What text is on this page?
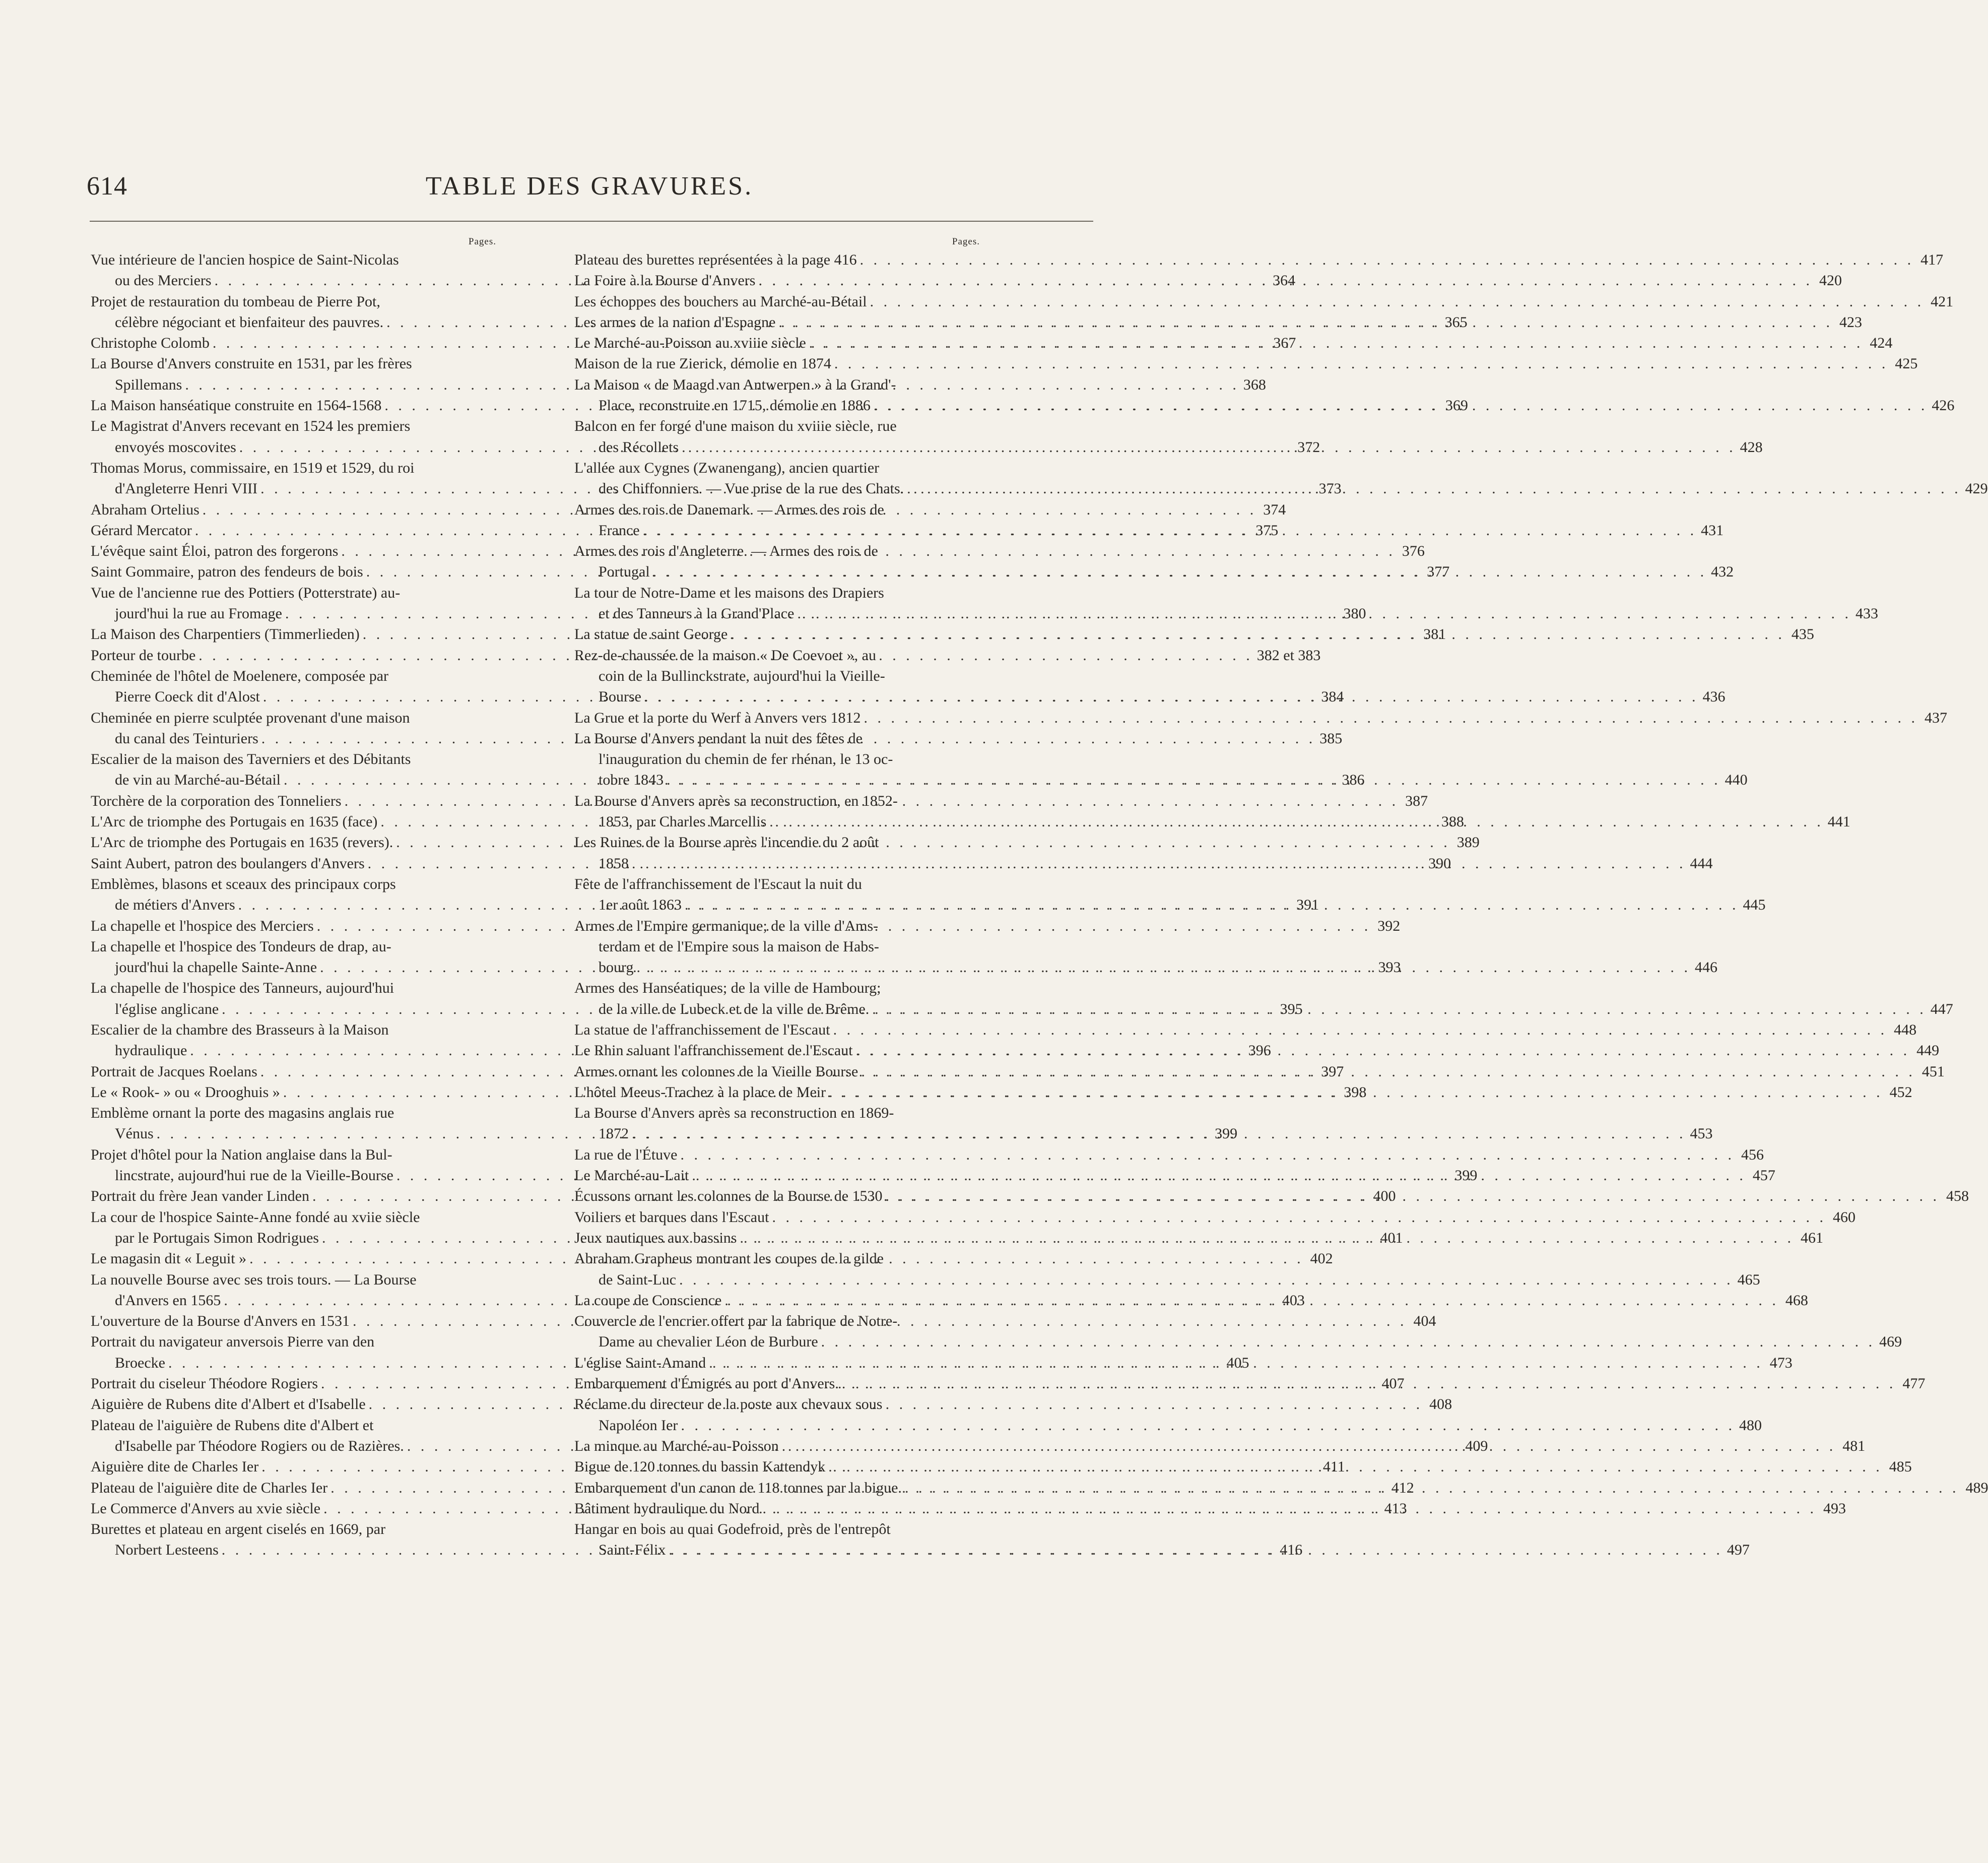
614	TABLE DES GRAVURES.
Pages.
Vue intérieure de l'ancien hospice de Saint-Nicolas
ou des Merciers . . .	364
Projet de restauration du tombeau de Pierre Pot,
célèbre négociant et bienfaiteur des pauvres. . . .	365
Christophe Colomb . . .	367
La Bourse d'Anvers construite en 1531, par les frères
Spillemans . . .	368
La Maison hanséatique construite en 1564-1568 . . .	369
Le Magistrat d'Anvers recevant en 1524 les premiers
envoyés moscovites . . .	372
Thomas Morus, commissaire, en 1519 et 1529, du roi
d'Angleterre Henri VIII . . .	373
Abraham Ortelius . . .	374
Gérard Mercator . . .	375
L'évêque saint Éloi, patron des forgerons . . .	376
Saint Gommaire, patron des fendeurs de bois . . .	377
Vue de l'ancienne rue des Pottiers (Potterstrate) au-
jourd'hui la rue au Fromage . . .	380
La Maison des Charpentiers (Timmerlieden) . . .	381
Porteur de tourbe . . .	382 et 383
Cheminée de l'hôtel de Moelenere, composée par
Pierre Coeck dit d'Alost . . .	384
Cheminée en pierre sculptée provenant d'une maison
du canal des Teinturiers . . .	385
Escalier de la maison des Taverniers et des Débitants
de vin au Marché-au-Bétail . . .	386
Torchère de la corporation des Tonneliers . . .	387
L'Arc de triomphe des Portugais en 1635 (face) . . .	388
L'Arc de triomphe des Portugais en 1635 (revers). . . .	389
Saint Aubert, patron des boulangers d'Anvers . . .	390
Emblèmes, blasons et sceaux des principaux corps
de métiers d'Anvers . . .	391
La chapelle et l'hospice des Merciers . . .	392
La chapelle et l'hospice des Tondeurs de drap, au-
jourd'hui la chapelle Sainte-Anne . . .	393
La chapelle de l'hospice des Tanneurs, aujourd'hui
l'église anglicane . . .	395
Escalier de la chambre des Brasseurs à la Maison
hydraulique . . .	396
Portrait de Jacques Roelans . . .	397
Le « Rook- » ou « Drooghuis » . . .	398
Emblème ornant la porte des magasins anglais rue
Vénus . . .	399
Projet d'hôtel pour la Nation anglaise dans la Bul-
lincstrate, aujourd'hui rue de la Vieille-Bourse . . .	399
Portrait du frère Jean vander Linden . . .	400
La cour de l'hospice Sainte-Anne fondé au xviie siècle
par le Portugais Simon Rodrigues . . .	401
Le magasin dit « Leguit » . . .	402
La nouvelle Bourse avec ses trois tours. — La Bourse
d'Anvers en 1565 . . .	403
L'ouverture de la Bourse d'Anvers en 1531 . . .	404
Portrait du navigateur anversois Pierre van den
Broecke . . .	405
Portrait du ciseleur Théodore Rogiers . . .	407
Aiguière de Rubens dite d'Albert et d'Isabelle . . .	408
Plateau de l'aiguière de Rubens dite d'Albert et
d'Isabelle par Théodore Rogiers ou de Razières. . . .	409
Aiguière dite de Charles Ier . . .	411
Plateau de l'aiguière dite de Charles Ier . . .	412
Le Commerce d'Anvers au xvie siècle . . .	413
Burettes et plateau en argent ciselés en 1669, par
Norbert Lesteens . . .	416
Pages.
Plateau des burettes représentées à la page 416 . . .	417
La Foire à la Bourse d'Anvers . . .	420
Les échoppes des bouchers au Marché-au-Bétail . . .	421
Les armes de la nation d'Espagne . . .	423
Le Marché-au-Poisson au xviiie siècle . . .	424
Maison de la rue Zierick, démolie en 1874 . . .	425
La Maison « de Maagd van Antwerpen » à la Grand'-
Place, reconstruite en 1715, démolie en 1886 . . .	426
Balcon en fer forgé d'une maison du xviiie siècle, rue
des Récollets . . .	428
L'allée aux Cygnes (Zwanengang), ancien quartier
des Chiffonniers. — Vue prise de la rue des Chats. . . .	429
Armes des rois de Danemark. — Armes des rois de
France . . .	431
Armes des rois d'Angleterre. — Armes des rois de
Portugal . . .	432
La tour de Notre-Dame et les maisons des Drapiers
et des Tanneurs à la Grand'Place . . .	433
La statue de saint George . . .	435
Rez-de-chaussée de la maison « De Coevoet », au
coin de la Bullinckstrate, aujourd'hui la Vieille-
Bourse . . .	436
La Grue et la porte du Werf à Anvers vers 1812 . . .	437
La Bourse d'Anvers pendant la nuit des fêtes de
l'inauguration du chemin de fer rhénan, le 13 oc-
tobre 1843 . . .	440
La Bourse d'Anvers après sa reconstruction, en 1852-
1853, par Charles Marcellis . . .	441
Les Ruines de la Bourse après l'incendie du 2 août
1858 . . .	444
Fête de l'affranchissement de l'Escaut la nuit du
1er août 1863 . . .	445
Armes de l'Empire germanique; de la ville d'Ams-
terdam et de l'Empire sous la maison de Habs-
bourg . . .	446
Armes des Hanséatiques; de la ville de Hambourg;
de la ville de Lubeck et de la ville de Brême. . . .	447
La statue de l'affranchissement de l'Escaut . . .	448
Le Rhin saluant l'affranchissement de l'Escaut . . .	449
Armes ornant les colonnes de la Vieille Bourse . . .	451
L'hôtel Meeus-Trachez à la place de Meir . . .	452
La Bourse d'Anvers après sa reconstruction en 1869-
1872 . . .	453
La rue de l'Étuve . . .	456
Le Marché-au-Lait . . .	457
Écussons ornant les colonnes de la Bourse de 1530 . . .	458
Voiliers et barques dans l'Escaut . . .	460
Jeux nautiques aux bassins . . .	461
Abraham Grapheus montrant les coupes de la gilde
de Saint-Luc . . .	465
La coupe de Conscience . . .	468
Couvercle de l'encrier offert par la fabrique de Notre-
Dame au chevalier Léon de Burbure . . .	469
L'église Saint-Amand . . .	473
Embarquement d'Émigrés au port d'Anvers. . . .	477
Réclame du directeur de la poste aux chevaux sous
Napoléon Ier . . .	480
La minque au Marché-au-Poisson . . .	481
Bigue de 120 tonnes du bassin Kattendyk . . .	485
Embarquement d'un canon de 118 tonnes par la bigue. . . .	489
Bâtiment hydraulique du Nord . . .	493
Hangar en bois au quai Godefroid, près de l'entrepôt
Saint-Félix . . .	497
